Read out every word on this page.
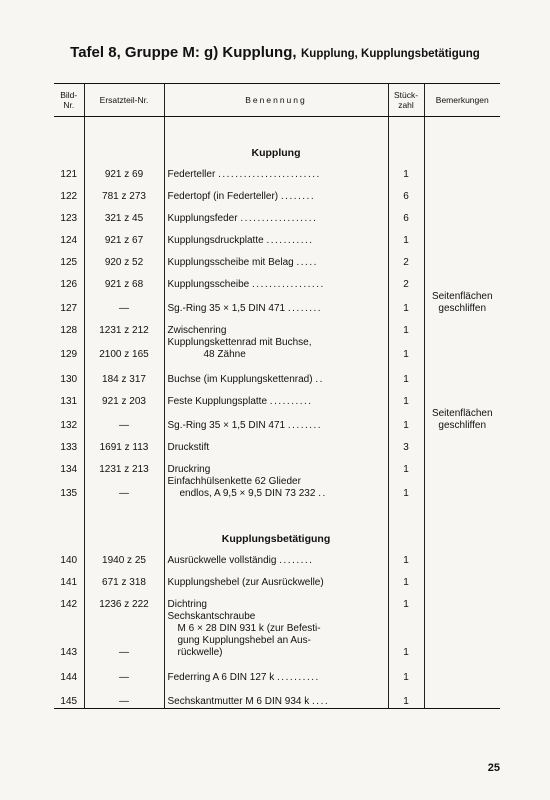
Tafel 8, Gruppe M: g) Kupplung, Kupplung, Kupplungsbetätigung
Bild-
Nr.	Ersatzteil-Nr.	Benennung	Stück-
zahl	Bemerkungen

		Kupplung		
121	921 z 69	Federteller ........................	1	
122	781 z 273	Federtopf (in Federteller) ........	6	
123	321 z 45	Kupplungsfeder ..................	6	
124	921 z 67	Kupplungsdruckplatte ...........	1	
125	920 z 52	Kupplungsscheibe mit Belag .....	2	
126	921 z 68	Kupplungsscheibe .................	2	
127	—	Sg.-Ring 35 × 1,5 DIN 471 ........	1	Seitenflächen
geschliffen
128	1231 z 212	Zwischenring	1	
129	2100 z 165	Kupplungskettenrad mit Buchse,
48 Zähne	1	
130	184 z 317	Buchse (im Kupplungskettenrad) ..	1	
131	921 z 203	Feste Kupplungsplatte ..........	1	
132	—	Sg.-Ring 35 × 1,5 DIN 471 ........	1	Seitenflächen
geschliffen
133	1691 z 113	Druckstift	3	
134	1231 z 213	Druckring	1	
135	—	Einfachhülsenkette 62 Glieder
endlos, A 9,5 × 9,5 DIN 73 232 ..	1	

		Kupplungsbetätigung		
140	1940 z 25	Ausrückwelle vollständig ........	1	
141	671 z 318	Kupplungshebel (zur Ausrückwelle)	1	
142	1236 z 222	Dichtring	1	
143	—	Sechskantschraube
M 6 × 28 DIN 931 k (zur Befesti-
gung Kupplungshebel an Aus-
rückwelle)	1	
144	—	Federring A 6 DIN 127 k ..........	1	
145	—	Sechskantmutter M 6 DIN 934 k ....	1	
25
